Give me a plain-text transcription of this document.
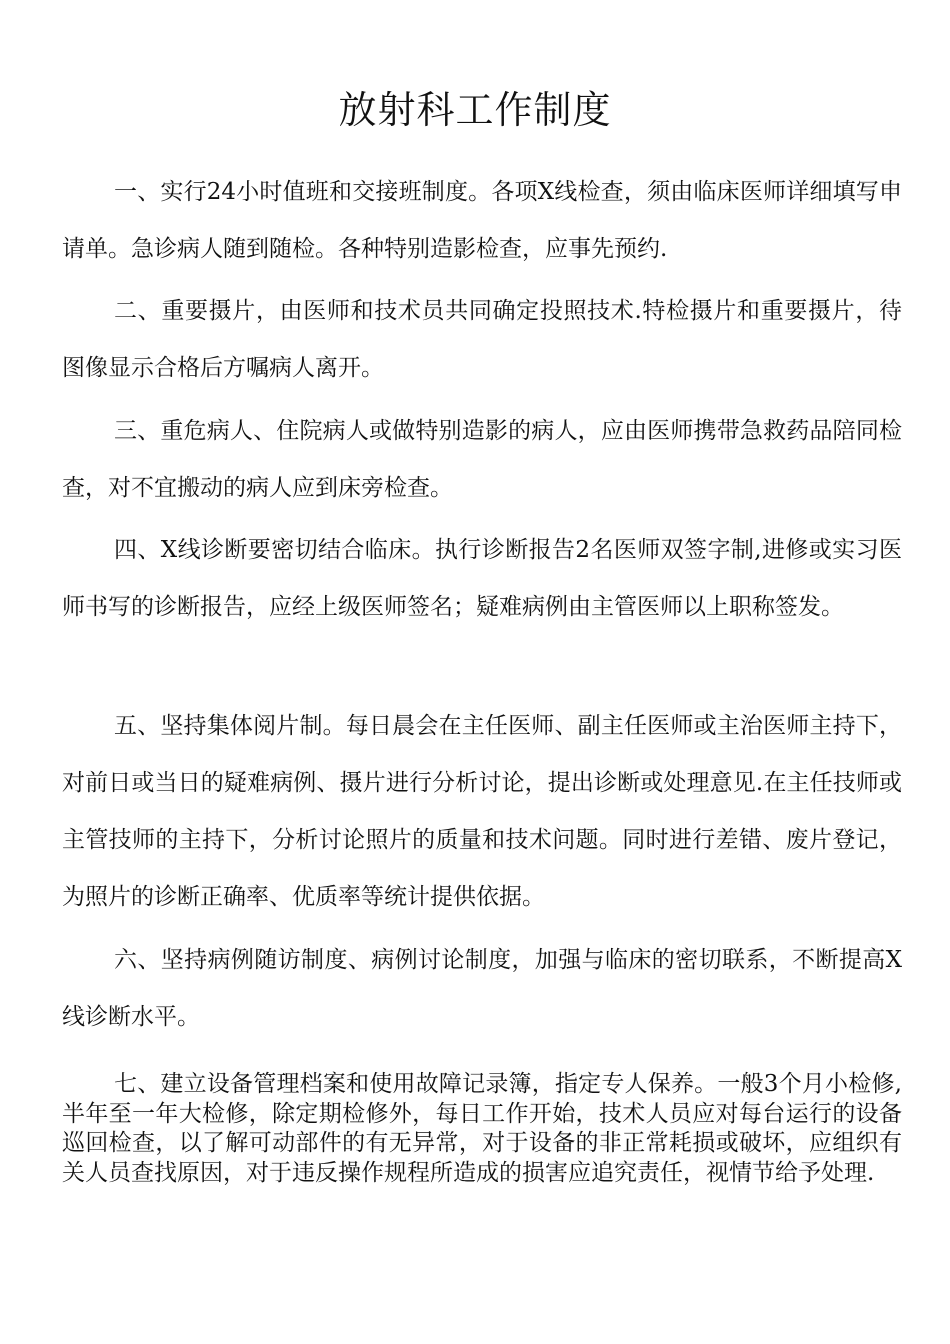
放射科工作制度

一、实行24小时值班和交接班制度。各项X线检查，须由临床医师详细填写申请单。急诊病人随到随检。各种特别造影检查，应事先预约.

二、重要摄片，由医师和技术员共同确定投照技术.特检摄片和重要摄片，待图像显示合格后方嘱病人离开。

三、重危病人、住院病人或做特别造影的病人，应由医师携带急救药品陪同检查，对不宜搬动的病人应到床旁检查。

四、X线诊断要密切结合临床。执行诊断报告2名医师双签字制,进修或实习医师书写的诊断报告，应经上级医师签名；疑难病例由主管医师以上职称签发。

五、坚持集体阅片制。每日晨会在主任医师、副主任医师或主治医师主持下，对前日或当日的疑难病例、摄片进行分析讨论，提出诊断或处理意见.在主任技师或主管技师的主持下，分析讨论照片的质量和技术问题。同时进行差错、废片登记，为照片的诊断正确率、优质率等统计提供依据。

六、坚持病例随访制度、病例讨论制度，加强与临床的密切联系，不断提高X线诊断水平。

七、建立设备管理档案和使用故障记录簿，指定专人保养。一般3个月小检修,半年至一年大检修，除定期检修外，每日工作开始，技术人员应对每台运行的设备巡回检查，以了解可动部件的有无异常，对于设备的非正常耗损或破坏，应组织有关人员查找原因，对于违反操作规程所造成的损害应追究责任，视情节给予处理.
